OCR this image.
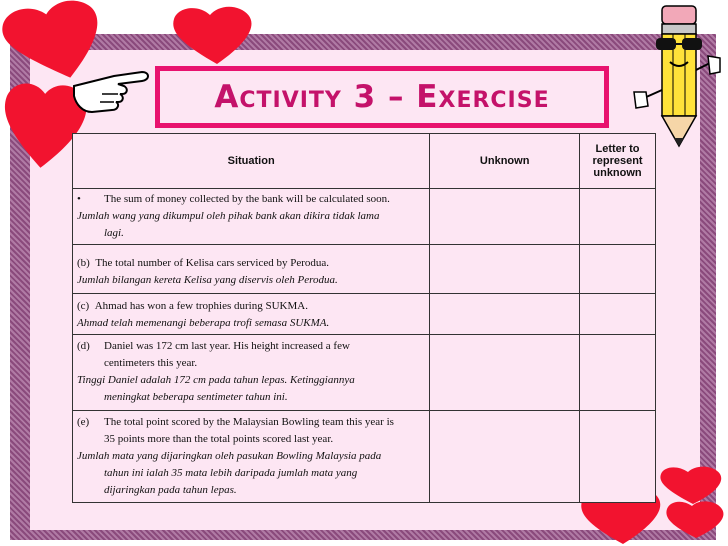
Activity 3 – Exercise
Situation	Unknown	Letter to
represent
unknown

• The sum of money collected by the bank will be calculated soon.
Jumlah wang yang dikumpul oleh pihak bank akan dikira tidak lama
lagi.		

(b) The total number of Kelisa cars serviced by Perodua.
Jumlah bilangan kereta Kelisa yang diservis oleh Perodua.		

(c) Ahmad has won a few trophies during SUKMA.
Ahmad telah memenangi beberapa trofi semasa SUKMA.		

(d) Daniel was 172 cm last year. His height increased a few
centimeters this year.
Tinggi Daniel adalah 172 cm pada tahun lepas. Ketinggiannya
meningkat beberapa sentimeter tahun ini.		

(e) The total point scored by the Malaysian Bowling team this year is
35 points more than the total points scored last year.
Jumlah mata yang dijaringkan oleh pasukan Bowling Malaysia pada
tahun ini ialah 35 mata lebih daripada jumlah mata yang
dijaringkan pada tahun lepas.		
